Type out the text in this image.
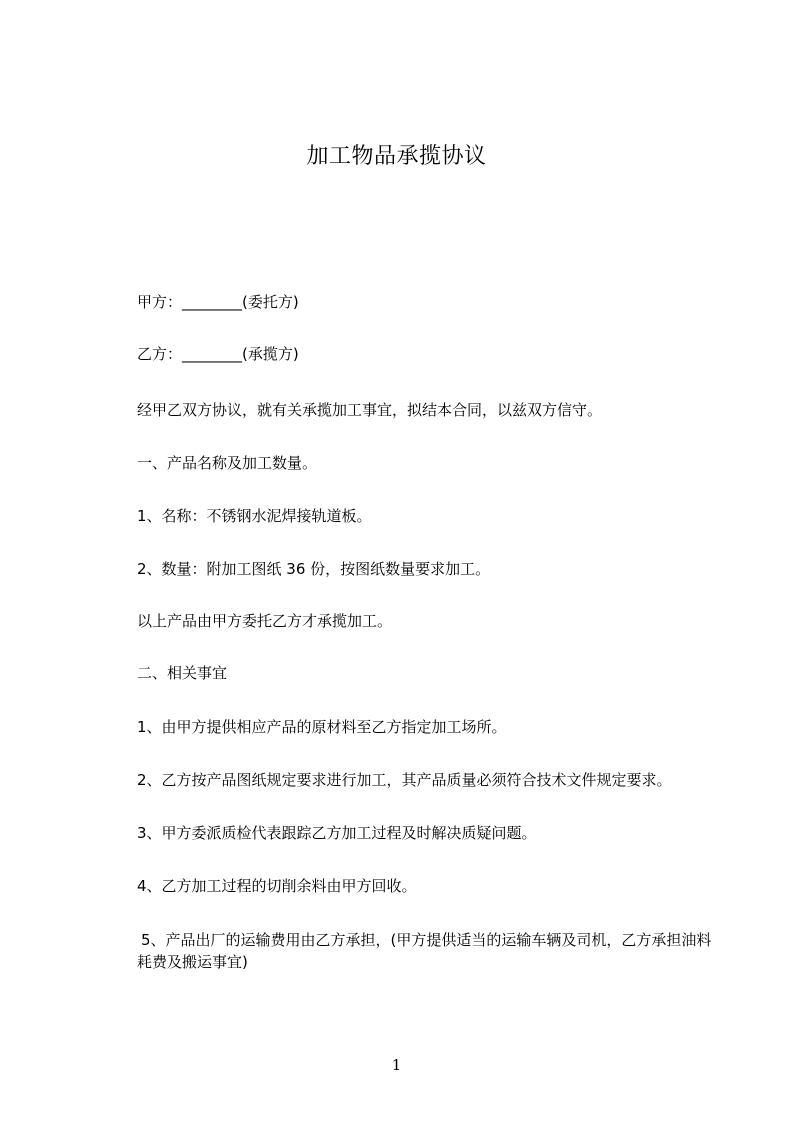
加工物品承揽协议

甲方：________(委托方)

乙方：________(承揽方)

经甲乙双方协议，就有关承揽加工事宜，拟结本合同，以兹双方信守。

一、产品名称及加工数量。

1、名称：不锈钢水泥焊接轨道板。

2、数量：附加工图纸 36 份，按图纸数量要求加工。

以上产品由甲方委托乙方才承揽加工。

二、相关事宜

1、由甲方提供相应产品的原材料至乙方指定加工场所。

2、乙方按产品图纸规定要求进行加工，其产品质量必须符合技术文件规定要求。

3、甲方委派质检代表跟踪乙方加工过程及时解决质疑问题。

4、乙方加工过程的切削余料由甲方回收。

5、产品出厂的运输费用由乙方承担，(甲方提供适当的运输车辆及司机，乙方承担油料耗费及搬运事宜)

1
